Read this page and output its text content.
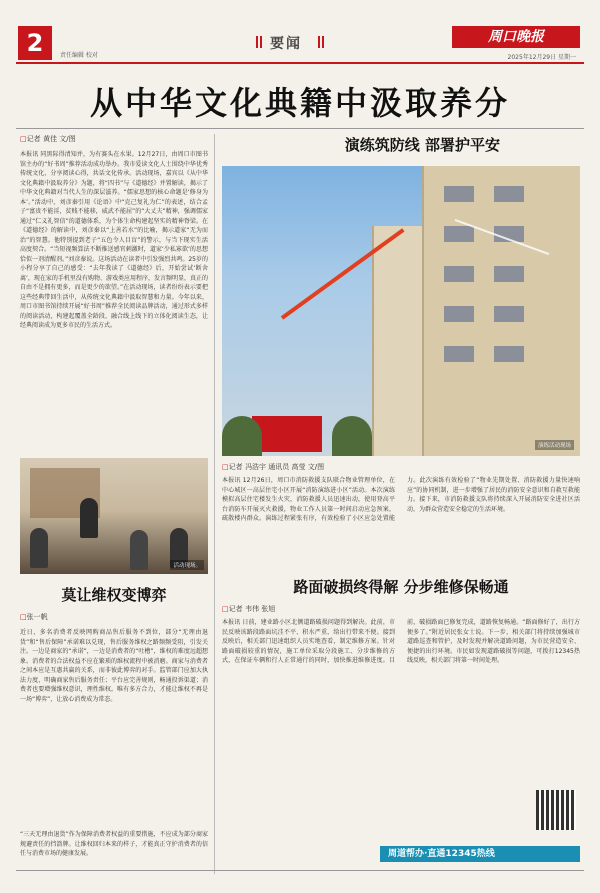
2	责任编辑 校对
要闻	周口晚报
2025年12月29日 星期一
从中华文化典籍中汲取养分
□记者 黄佳 文/图

本报讯 同黑际得清知并，为有赛头在水果。12月27日，由周口市图书馆主办的“好书周”推荐活动成功举办。我市爱读文化人士围绕中华优秀传统文化，分享阅读心得，共话文化传承。活动现场，嘉宾以《从中华文化典籍中汲取养分》为题，将“四书”与《道德经》并置解读，揭示了中华文化典籍对当代人生的深层滋养。“儒家思想的核心命题是‘修身为本’。”活动中，刘彦秦引用《论语》中“克己复礼为仁”的表述，结合孟子“富贵不能淫，贫贱不能移，威武不能屈”的“大丈夫”精神，强调儒家通过“仁义礼智信”的道德体系，为个体生命构建起坚实的精神脊梁。在《道德经》的解读中，刘彦秦以“上善若水”的比喻，揭示道家“无为而治”的智慧。他特别提到老子“五色令人目盲”的警示，与当下现实生活高度契合。“当短视频算法不断推送感官刺激时，道家‘少私寡欲’的思想恰似一剂清醒剂。”刘彦秦说。这场活动在读者中引发强烈共鸣。25岁的小程分享了自己的感受：“去年我读了《道德经》后，开始尝试‘断舍离’，现在家的手机里没有购物、游戏类应用程序，发言频明显，真正的自由不是拥有更多，而是更少的欲望。”在活动现场，读者纷纷表示要把这些经典带回生活中，从传统文化典籍中汲取智慧和力量。今年以来，周口市图书馆持续开展“好书周”推荐全民阅读品牌活动，通过形式多样的阅读活动，构建起覆盖全龄段、融合线上线下的立体化阅读生态，让经典阅读成为更多市民的生活方式。

活动现场。
莫让维权变博弈
□张一帆

近日，多名消费者反映网购商品售后服务不到位，部分“无理由退货”和“售后保障”承诺难以兑现，售后服务维权之路频频受阻，引发关注。一边是商家的“承诺”，一边是消费者的“吐槽”，维权的难度远超想象。消费者的合法权益不应在繁琐的维权流程中被消磨。商家与消费者之间本应是互惠共赢的关系，而非彼此博弈的对手。监管部门应加大执法力度，明确商家售后服务责任；平台应完善规则，畅通投诉渠道；消费者也要增强维权意识，理性维权。唯有多方合力，才能让维权不再是一场“博弈”，让放心消费成为常态。

“三天无理由退货”作为保障消费者权益的重要措施，不应成为部分商家规避责任的挡箭牌。让维权回归本来的样子，才能真正守护消费者的信任与消费市场的健康发展。

演练筑防线 部署护平安
演练活动现场
□记者 冯浩宇 通讯员 高莹 文/图

本报讯 12月26日，周口市消防救援支队联合物业管理单位，在中心城区一高层住宅小区开展“消防演练进小区”活动。本次演练模拟高层住宅楼发生火灾，消防救援人员迅速出动，使用登高平台消防车开展灭火救援，物业工作人员第一时间启动应急预案，疏散楼内群众。演练过程紧张有序，有效检验了小区应急处置能力。此次演练有效检验了“物业先期处置、消防救援力量快速响应”的协同机制，进一步增强了居民的消防安全意识和自救互救能力。接下来，市消防救援支队将持续深入开展消防安全进社区活动，为群众营造安全稳定的生活环境。

路面破损终得解 分步维修保畅通
□记者 韦伟 张旭

本报讯 日前，建业路小区北侧道路破损问题得到解决。此前，市民反映该路段路面坑洼不平、积水严重，给出行带来不便。接到反映后，相关部门迅速组织人员实地查看，制定维修方案。针对路面破损较重的情况，施工单位采取分段施工、分步维修的方式，在保证车辆和行人正常通行的同时，加快推进维修进度。目前，破损路面已修复完成，道路恢复畅通。“路面修好了，出行方便多了。”附近居民张女士说。下一步，相关部门将持续加强城市道路巡查和管护，及时发现并解决道路问题，为市民营造安全、便捷的出行环境。市民如发现道路破损等问题，可拨打12345热线反映，相关部门将第一时间处理。

周道帮办·直通12345热线
